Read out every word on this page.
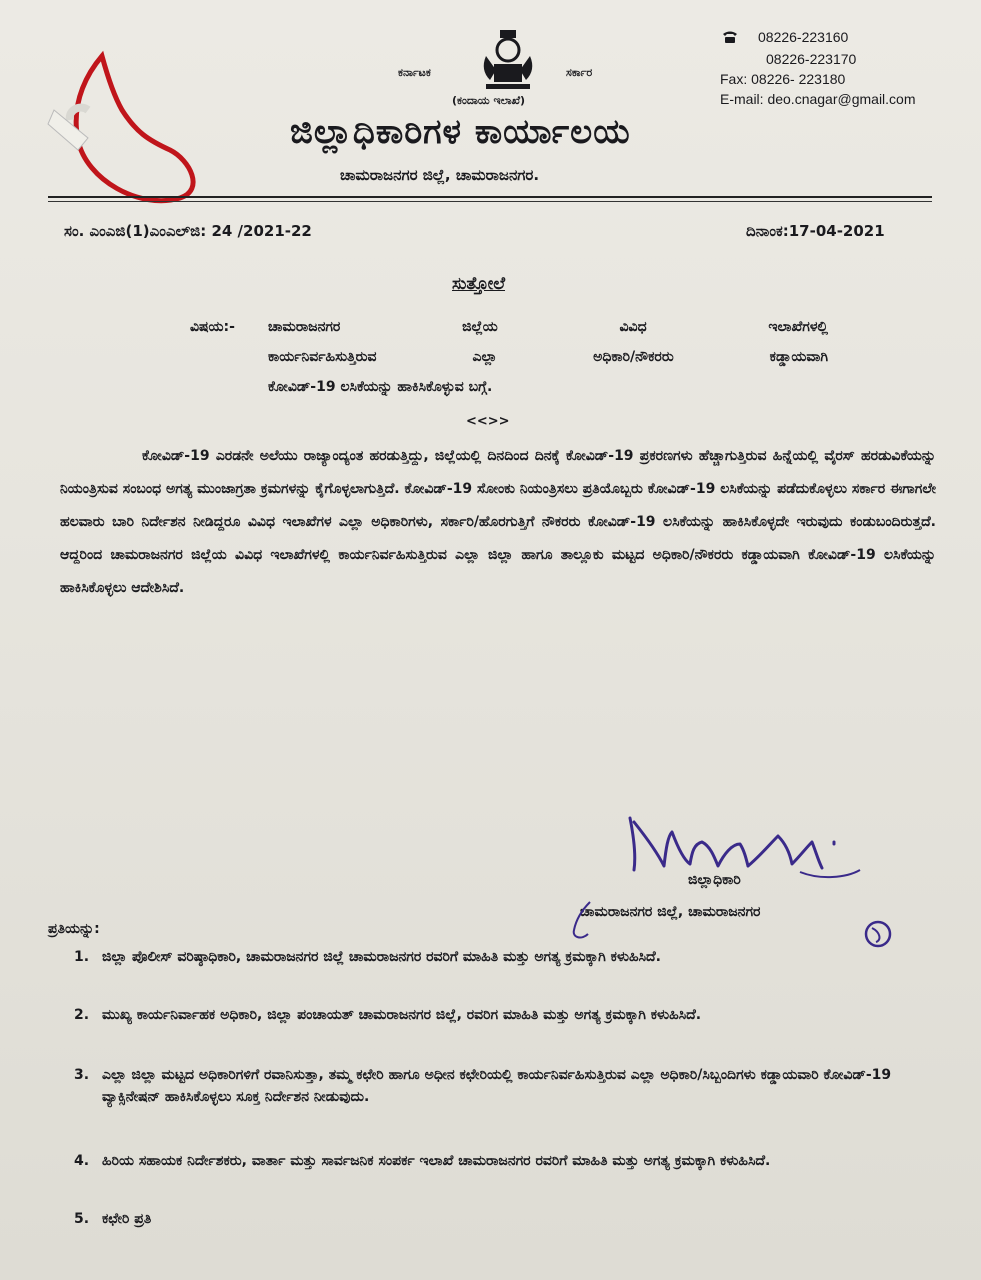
ಕರ್ನಾಟಕ	ಸರ್ಕಾರ
(ಕಂದಾಯ ಇಲಾಖೆ)
08226-223160
08226-223170
Fax: 08226- 223180
E-mail: deo.cnagar@gmail.com
ಜಿಲ್ಲಾಧಿಕಾರಿಗಳ ಕಾರ್ಯಾಲಯ
ಚಾಮರಾಜನಗರ ಜಿಲ್ಲೆ, ಚಾಮರಾಜನಗರ.
ಸಂ. ಎಂಎಜಿ(1)ಎಂಎಲ್‌ಜಿ: 24 /2021-22	ದಿನಾಂಕ:17-04-2021
ಸುತ್ತೋಲೆ
ವಿಷಯ:- ಚಾಮರಾಜನಗರ ಜಿಲ್ಲೆಯ ವಿವಿಧ ಇಲಾಖೆಗಳಲ್ಲಿ
ಕಾರ್ಯನಿರ್ವಹಿಸುತ್ತಿರುವ ಎಲ್ಲಾ ಅಧಿಕಾರಿ/ನೌಕರರು ಕಡ್ಡಾಯವಾಗಿ
ಕೋವಿಡ್-19 ಲಸಿಕೆಯನ್ನು ಹಾಕಿಸಿಕೊಳ್ಳುವ ಬಗ್ಗೆ.
<<>>
ಕೋವಿಡ್-19 ಎರಡನೇ ಅಲೆಯು ರಾಜ್ಯಾಂದ್ಯಂತ ಹರಡುತ್ತಿದ್ದು, ಜಿಲ್ಲೆಯಲ್ಲಿ ದಿನದಿಂದ ದಿನಕ್ಕೆ ಕೋವಿಡ್-19 ಪ್ರಕರಣಗಳು ಹೆಚ್ಚಾಗುತ್ತಿರುವ ಹಿನ್ನೆಯಲ್ಲಿ ವೈರಸ್ ಹರಡುವಿಕೆಯನ್ನು ನಿಯಂತ್ರಿಸುವ ಸಂಬಂಧ ಅಗತ್ಯ ಮುಂಜಾಗ್ರತಾ ಕ್ರಮಗಳನ್ನು ಕೈಗೊಳ್ಳಲಾಗುತ್ತಿದೆ. ಕೋವಿಡ್-19 ಸೋಂಕು ನಿಯಂತ್ರಿಸಲು ಪ್ರತಿಯೊಬ್ಬರು ಕೋವಿಡ್-19 ಲಸಿಕೆಯನ್ನು ಪಡೆದುಕೊಳ್ಳಲು ಸರ್ಕಾರ ಈಗಾಗಲೇ ಹಲವಾರು ಬಾರಿ ನಿರ್ದೇಶನ ನೀಡಿದ್ದರೂ ವಿವಿಧ ಇಲಾಖೆಗಳ ಎಲ್ಲಾ ಅಧಿಕಾರಿಗಳು, ಸರ್ಕಾರಿ/ಹೊರಗುತ್ತಿಗೆ ನೌಕರರು ಕೋವಿಡ್-19 ಲಸಿಕೆಯನ್ನು ಹಾಕಿಸಿಕೊಳ್ಳದೇ ಇರುವುದು ಕಂಡುಬಂದಿರುತ್ತದೆ. ಆದ್ದರಿಂದ ಚಾಮರಾಜನಗರ ಜಿಲ್ಲೆಯ ವಿವಿಧ ಇಲಾಖೆಗಳಲ್ಲಿ ಕಾರ್ಯನಿರ್ವಹಿಸುತ್ತಿರುವ ಎಲ್ಲಾ ಜಿಲ್ಲಾ ಹಾಗೂ ತಾಲ್ಲೂಕು ಮಟ್ಟದ ಅಧಿಕಾರಿ/ನೌಕರರು ಕಡ್ಡಾಯವಾಗಿ ಕೋವಿಡ್-19 ಲಸಿಕೆಯನ್ನು ಹಾಕಿಸಿಕೊಳ್ಳಲು ಆದೇಶಿಸಿದೆ.
ಜಿಲ್ಲಾಧಿಕಾರಿ
ಚಾಮರಾಜನಗರ ಜಿಲ್ಲೆ, ಚಾಮರಾಜನಗರ
ಪ್ರತಿಯನ್ನು:
1. ಜಿಲ್ಲಾ ಪೊಲೀಸ್ ವರಿಷ್ಠಾಧಿಕಾರಿ, ಚಾಮರಾಜನಗರ ಜಿಲ್ಲೆ ಚಾಮರಾಜನಗರ ರವರಿಗೆ ಮಾಹಿತಿ ಮತ್ತು ಅಗತ್ಯ ಕ್ರಮಕ್ಕಾಗಿ ಕಳುಹಿಸಿದೆ.
2. ಮುಖ್ಯ ಕಾರ್ಯನಿರ್ವಾಹಕ ಅಧಿಕಾರಿ, ಜಿಲ್ಲಾ ಪಂಚಾಯತ್ ಚಾಮರಾಜನಗರ ಜಿಲ್ಲೆ, ರವರಿಗ ಮಾಹಿತಿ ಮತ್ತು ಅಗತ್ಯ ಕ್ರಮಕ್ಕಾಗಿ ಕಳುಹಿಸಿದೆ.
3. ಎಲ್ಲಾ ಜಿಲ್ಲಾ ಮಟ್ಟದ ಅಧಿಕಾರಿಗಳಿಗೆ ರವಾನಿಸುತ್ತಾ, ತಮ್ಮ ಕಛೇರಿ ಹಾಗೂ ಅಧೀನ ಕಛೇರಿಯಲ್ಲಿ ಕಾರ್ಯನಿರ್ವಹಿಸುತ್ತಿರುವ ಎಲ್ಲಾ ಅಧಿಕಾರಿ/ಸಿಬ್ಬಂದಿಗಳು ಕಡ್ಡಾಯವಾರಿ ಕೋವಿಡ್-19 ವ್ಯಾಕ್ಸಿನೇಷನ್ ಹಾಕಿಸಿಕೊಳ್ಳಲು ಸೂಕ್ತ ನಿರ್ದೇಶನ ನೀಡುವುದು.
4. ಹಿರಿಯ ಸಹಾಯಕ ನಿರ್ದೇಶಕರು, ವಾರ್ತಾ ಮತ್ತು ಸಾರ್ವಜನಿಕ ಸಂಪರ್ಕ ಇಲಾಖೆ ಚಾಮರಾಜನಗರ ರವರಿಗೆ ಮಾಹಿತಿ ಮತ್ತು ಅಗತ್ಯ ಕ್ರಮಕ್ಕಾಗಿ ಕಳುಹಿಸಿದೆ.
5. ಕಛೇರಿ ಪ್ರತಿ
